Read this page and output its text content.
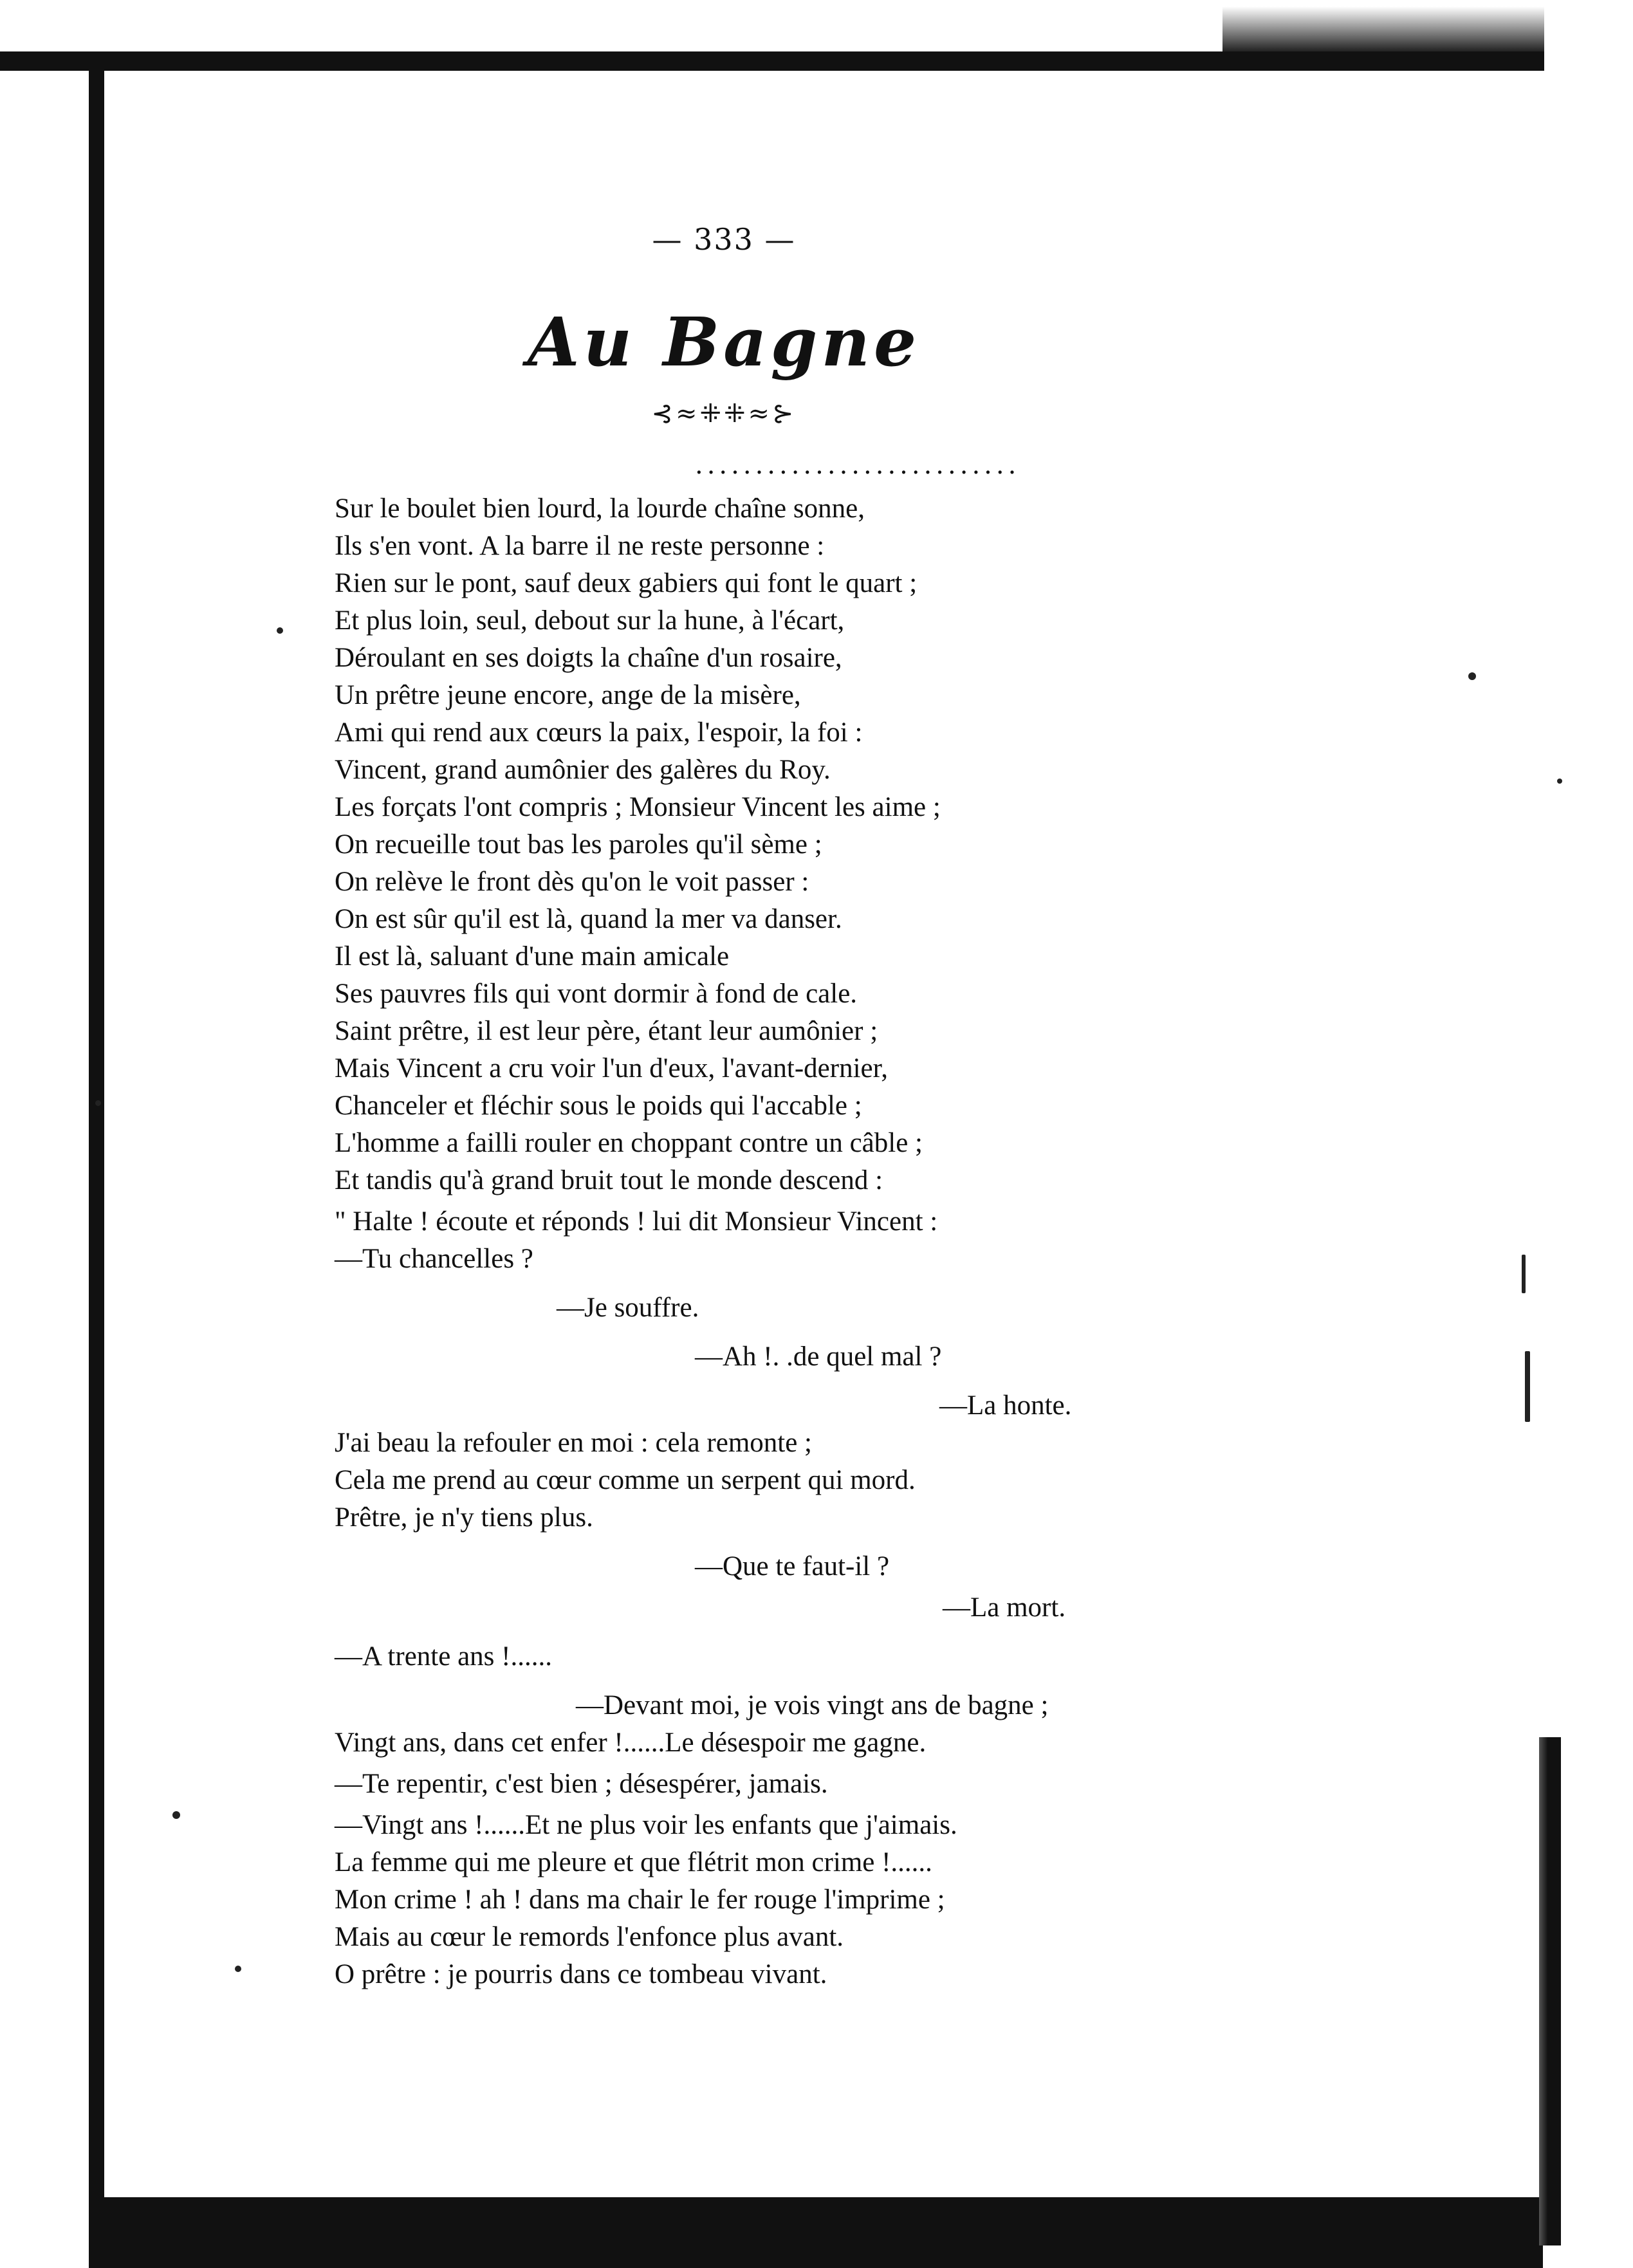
— 333 —
Au Bagne
⊰≈⁜⁜≈⊱
...........................
Sur le boulet bien lourd, la lourde chaîne sonne,
Ils s'en vont. A la barre il ne reste personne :
Rien sur le pont, sauf deux gabiers qui font le quart ;
Et plus loin, seul, debout sur la hune, à l'écart,
Déroulant en ses doigts la chaîne d'un rosaire,
Un prêtre jeune encore, ange de la misère,
Ami qui rend aux cœurs la paix, l'espoir, la foi :
Vincent, grand aumônier des galères du Roy.
Les forçats l'ont compris ; Monsieur Vincent les aime ;
On recueille tout bas les paroles qu'il sème ;
On relève le front dès qu'on le voit passer :
On est sûr qu'il est là, quand la mer va danser.
Il est là, saluant d'une main amicale
Ses pauvres fils qui vont dormir à fond de cale.
Saint prêtre, il est leur père, étant leur aumônier ;
Mais Vincent a cru voir l'un d'eux, l'avant-dernier,
Chanceler et fléchir sous le poids qui l'accable ;
L'homme a failli rouler en choppant contre un câble ;
Et tandis qu'à grand bruit tout le monde descend :
" Halte ! écoute et réponds ! lui dit Monsieur Vincent :
—Tu chancelles ?
—Je souffre.
—Ah !. .de quel mal ?
—La honte.
J'ai beau la refouler en moi : cela remonte ;
Cela me prend au cœur comme un serpent qui mord.
Prêtre, je n'y tiens plus.
—Que te faut-il ?
—La mort.
—A trente ans !......
—Devant moi, je vois vingt ans de bagne ;
Vingt ans, dans cet enfer !......Le désespoir me gagne.
—Te repentir, c'est bien ; désespérer, jamais.
—Vingt ans !......Et ne plus voir les enfants que j'aimais.
La femme qui me pleure et que flétrit mon crime !......
Mon crime ! ah ! dans ma chair le fer rouge l'imprime ;
Mais au cœur le remords l'enfonce plus avant.
O prêtre : je pourris dans ce tombeau vivant.
